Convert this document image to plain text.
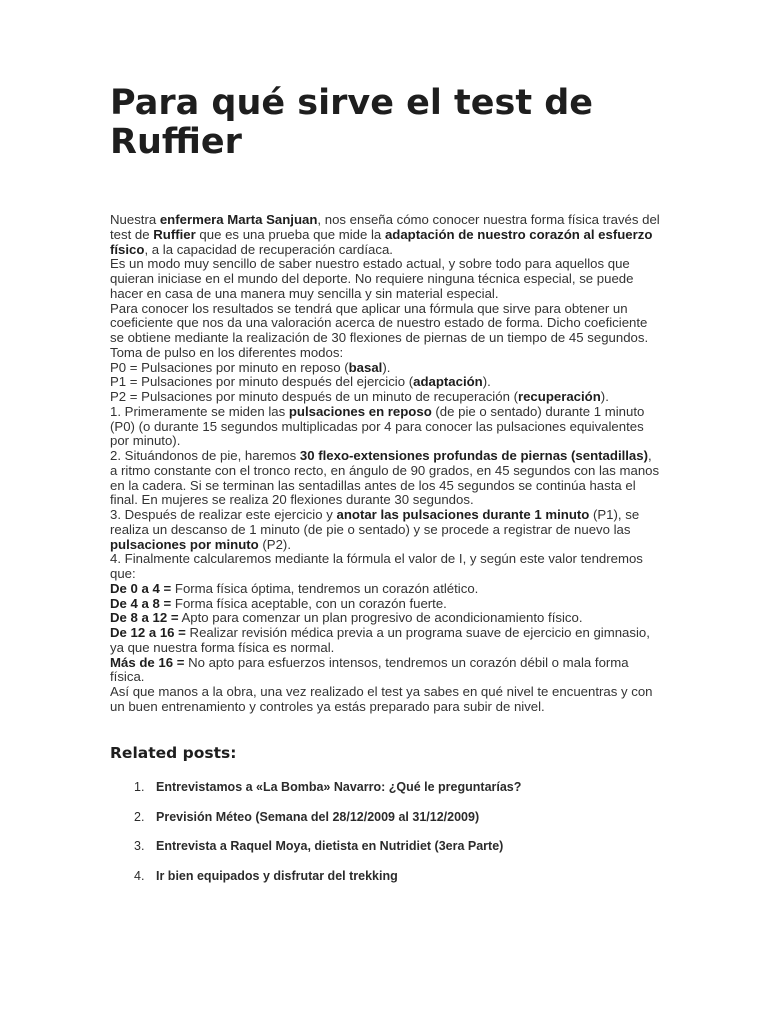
Para qué sirve el test de Ruffier

Nuestra enfermera Marta Sanjuan, nos enseña cómo conocer nuestra forma física través del test de Ruffier que es una prueba que mide la adaptación de nuestro corazón al esfuerzo físico, a la capacidad de recuperación cardíaca.

Es un modo muy sencillo de saber nuestro estado actual, y sobre todo para aquellos que quieran iniciase en el mundo del deporte. No requiere ninguna técnica especial, se puede hacer en casa de una manera muy sencilla y sin material especial.

Para conocer los resultados se tendrá que aplicar una fórmula que sirve para obtener un coeficiente que nos da una valoración acerca de nuestro estado de forma. Dicho coeficiente se obtiene mediante la realización de 30 flexiones de piernas de un tiempo de 45 segundos.

Toma de pulso en los diferentes modos:

P0 = Pulsaciones por minuto en reposo (basal).

P1 = Pulsaciones por minuto después del ejercicio (adaptación).

P2 = Pulsaciones por minuto después de un minuto de recuperación (recuperación).

1. Primeramente se miden las pulsaciones en reposo (de pie o sentado) durante 1 minuto (P0) (o durante 15 segundos multiplicadas por 4 para conocer las pulsaciones equivalentes por minuto).

2. Situándonos de pie, haremos 30 flexo-extensiones profundas de piernas (sentadillas), a ritmo constante con el tronco recto, en ángulo de 90 grados, en 45 segundos con las manos en la cadera. Si se terminan las sentadillas antes de los 45 segundos se continúa hasta el final. En mujeres se realiza 20 flexiones durante 30 segundos.

3. Después de realizar este ejercicio y anotar las pulsaciones durante 1 minuto (P1), se realiza un descanso de 1 minuto (de pie o sentado) y se procede a registrar de nuevo las pulsaciones por minuto (P2).

4. Finalmente calcularemos mediante la fórmula el valor de I, y según este valor tendremos que:

De 0 a 4 = Forma física óptima, tendremos un corazón atlético.

De 4 a 8 = Forma física aceptable, con un corazón fuerte.

De 8 a 12 = Apto para comenzar un plan progresivo de acondicionamiento físico.

De 12 a 16 = Realizar revisión médica previa a un programa suave de ejercicio en gimnasio, ya que nuestra forma física es normal.

Más de 16 = No apto para esfuerzos intensos, tendremos un corazón débil o mala forma física.

Así que manos a la obra, una vez realizado el test ya sabes en qué nivel te encuentras y con un buen entrenamiento y controles ya estás preparado para subir de nivel.

Related posts:
1. Entrevistamos a «La Bomba» Navarro: ¿Qué le preguntarías?
2. Previsión Méteo (Semana del 28/12/2009 al 31/12/2009)
3. Entrevista a Raquel Moya, dietista en Nutridiet (3era Parte)
4. Ir bien equipados y disfrutar del trekking
